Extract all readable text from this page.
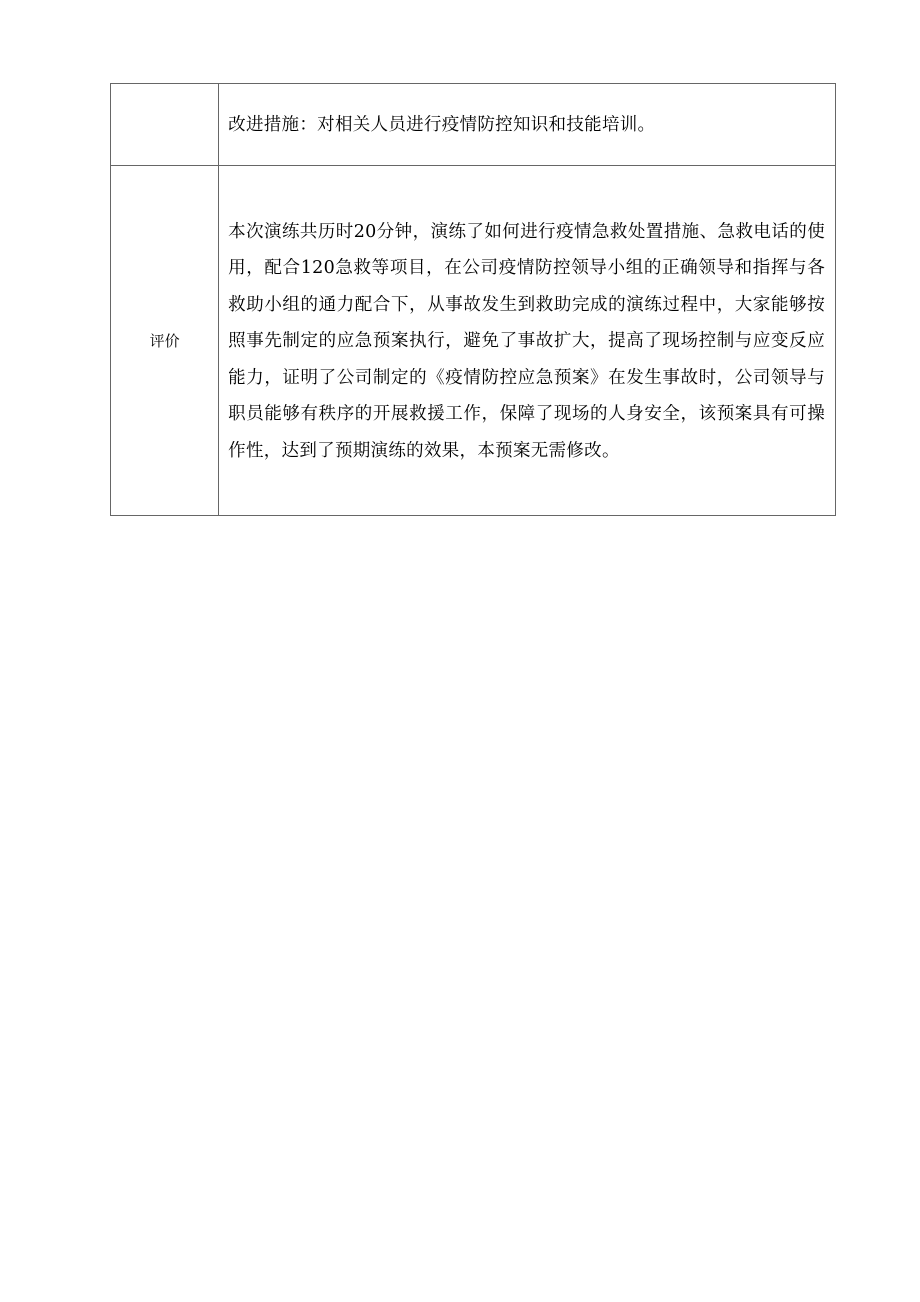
	改进措施：对相关人员进行疫情防控知识和技能培训。
评价	本次演练共历时20分钟，演练了如何进行疫情急救处置措施、急救电话的使用，配合120急救等项目，在公司疫情防控领导小组的正确领导和指挥与各救助小组的通力配合下，从事故发生到救助完成的演练过程中，大家能够按照事先制定的应急预案执行，避免了事故扩大，提高了现场控制与应变反应能力，证明了公司制定的《疫情防控应急预案》在发生事故时，公司领导与职员能够有秩序的开展救援工作，保障了现场的人身安全，该预案具有可操作性，达到了预期演练的效果，本预案无需修改。
